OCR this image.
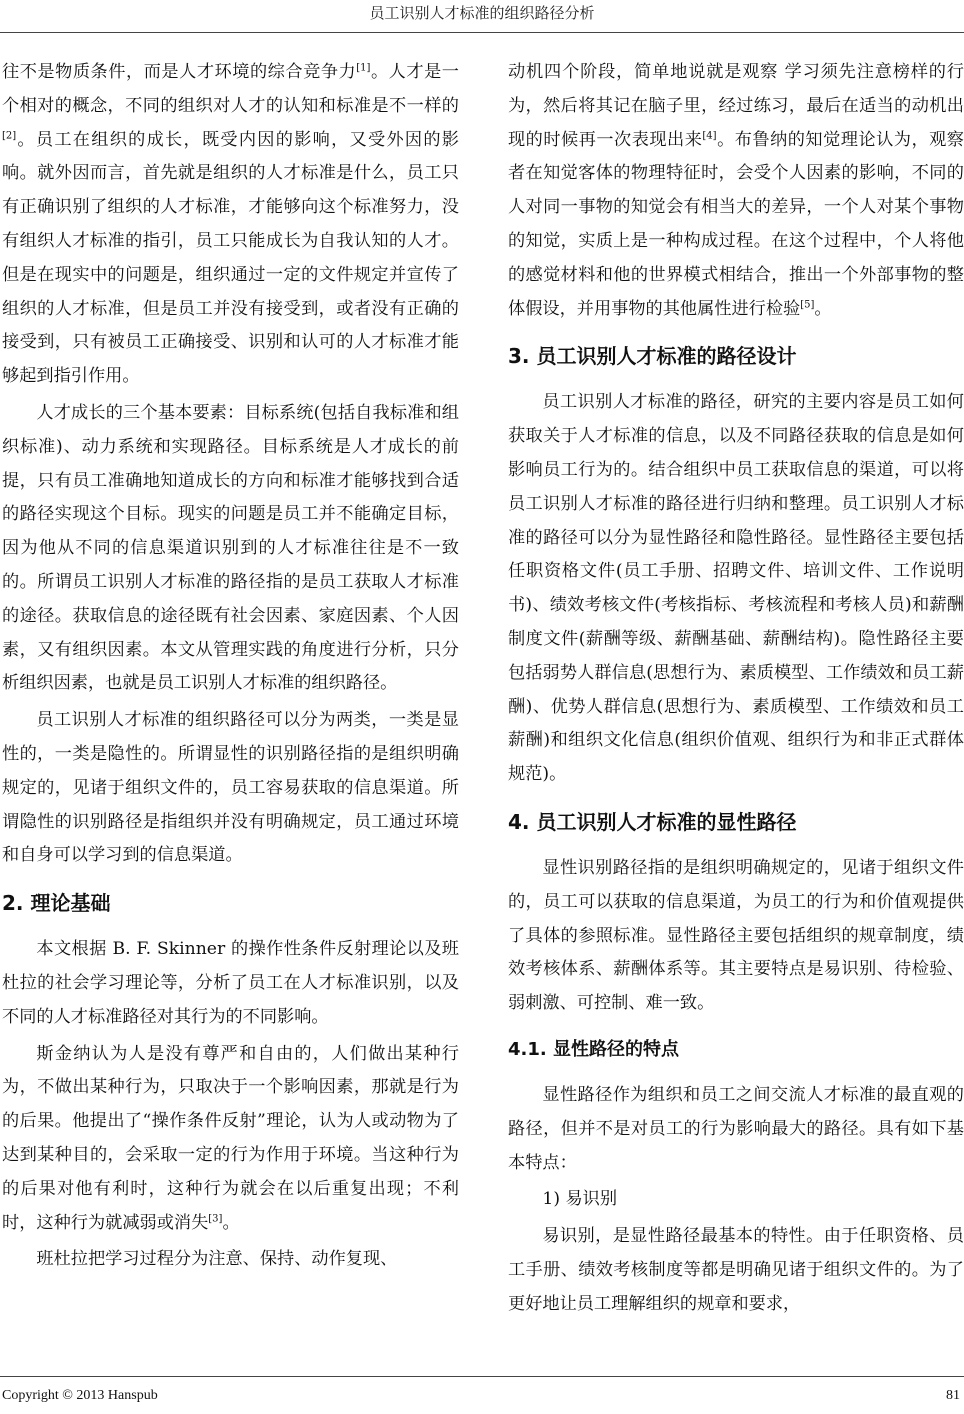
员工识别人才标准的组织路径分析

往不是物质条件，而是人才环境的综合竞争力[1]。人才是一个相对的概念，不同的组织对人才的认知和标准是不一样的[2]。员工在组织的成长，既受内因的影响，又受外因的影响。就外因而言，首先就是组织的人才标准是什么，员工只有正确识别了组织的人才标准，才能够向这个标准努力，没有组织人才标准的指引，员工只能成长为自我认知的人才。但是在现实中的问题是，组织通过一定的文件规定并宣传了组织的人才标准，但是员工并没有接受到，或者没有正确的接受到，只有被员工正确接受、识别和认可的人才标准才能够起到指引作用。

人才成长的三个基本要素：目标系统(包括自我标准和组织标准)、动力系统和实现路径。目标系统是人才成长的前提，只有员工准确地知道成长的方向和标准才能够找到合适的路径实现这个目标。现实的问题是员工并不能确定目标，因为他从不同的信息渠道识别到的人才标准往往是不一致的。所谓员工识别人才标准的路径指的是员工获取人才标准的途径。获取信息的途径既有社会因素、家庭因素、个人因素，又有组织因素。本文从管理实践的角度进行分析，只分析组织因素，也就是员工识别人才标准的组织路径。

员工识别人才标准的组织路径可以分为两类，一类是显性的，一类是隐性的。所谓显性的识别路径指的是组织明确规定的，见诸于组织文件的，员工容易获取的信息渠道。所谓隐性的识别路径是指组织并没有明确规定，员工通过环境和自身可以学习到的信息渠道。

2. 理论基础

本文根据 B. F. Skinner 的操作性条件反射理论以及班杜拉的社会学习理论等，分析了员工在人才标准识别，以及不同的人才标准路径对其行为的不同影响。

斯金纳认为人是没有尊严和自由的，人们做出某种行为，不做出某种行为，只取决于一个影响因素，那就是行为的后果。他提出了“操作条件反射”理论，认为人或动物为了达到某种目的，会采取一定的行为作用于环境。当这种行为的后果对他有利时，这种行为就会在以后重复出现；不利时，这种行为就减弱或消失[3]。

班杜拉把学习过程分为注意、保持、动作复现、

动机四个阶段，简单地说就是观察 学习须先注意榜样的行为，然后将其记在脑子里，经过练习，最后在适当的动机出现的时候再一次表现出来[4]。布鲁纳的知觉理论认为，观察者在知觉客体的物理特征时，会受个人因素的影响，不同的人对同一事物的知觉会有相当大的差异，一个人对某个事物的知觉，实质上是一种构成过程。在这个过程中，个人将他的感觉材料和他的世界模式相结合，推出一个外部事物的整体假设，并用事物的其他属性进行检验[5]。

3. 员工识别人才标准的路径设计

员工识别人才标准的路径，研究的主要内容是员工如何获取关于人才标准的信息，以及不同路径获取的信息是如何影响员工行为的。结合组织中员工获取信息的渠道，可以将员工识别人才标准的路径进行归纳和整理。员工识别人才标准的路径可以分为显性路径和隐性路径。显性路径主要包括任职资格文件(员工手册、招聘文件、培训文件、工作说明书)、绩效考核文件(考核指标、考核流程和考核人员)和薪酬制度文件(薪酬等级、薪酬基础、薪酬结构)。隐性路径主要包括弱势人群信息(思想行为、素质模型、工作绩效和员工薪酬)、优势人群信息(思想行为、素质模型、工作绩效和员工薪酬)和组织文化信息(组织价值观、组织行为和非正式群体规范)。

4. 员工识别人才标准的显性路径

显性识别路径指的是组织明确规定的，见诸于组织文件的，员工可以获取的信息渠道，为员工的行为和价值观提供了具体的参照标准。显性路径主要包括组织的规章制度，绩效考核体系、薪酬体系等。其主要特点是易识别、待检验、弱刺激、可控制、难一致。

4.1. 显性路径的特点

显性路径作为组织和员工之间交流人才标准的最直观的路径，但并不是对员工的行为影响最大的路径。具有如下基本特点：

1) 易识别

易识别，是显性路径最基本的特性。由于任职资格、员工手册、绩效考核制度等都是明确见诸于组织文件的。为了更好地让员工理解组织的规章和要求，

Copyright © 2013 Hanspub	81
